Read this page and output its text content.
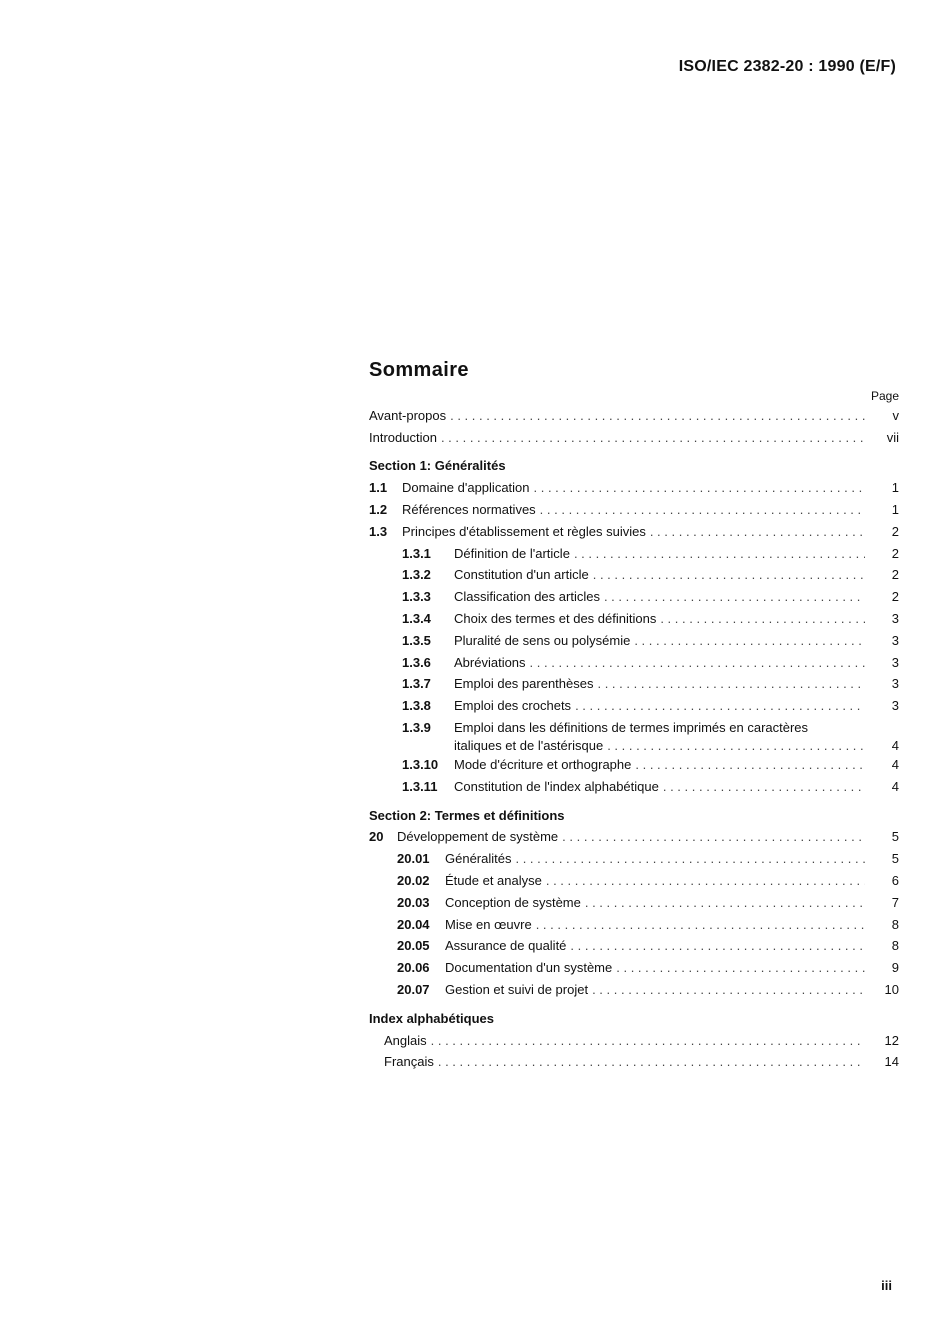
ISO/IEC 2382-20 : 1990 (E/F)
Sommaire
Page
Avant-propos . . .	v
Introduction . . .	vii
Section 1: Généralités
1.1	Domaine d'application . . .	1
1.2	Références normatives . . .	1
1.3	Principes d'établissement et règles suivies . . .	2
1.3.1	Définition de l'article . . .	2
1.3.2	Constitution d'un article . . .	2
1.3.3	Classification des articles . . .	2
1.3.4	Choix des termes et des définitions . . .	3
1.3.5	Pluralité de sens ou polysémie . . .	3
1.3.6	Abréviations . . .	3
1.3.7	Emploi des parenthèses . . .	3
1.3.8	Emploi des crochets . . .	3
1.3.9	Emploi dans les définitions de termes imprimés en caractères
italiques et de l'astérisque . . .	4
1.3.10	Mode d'écriture et orthographe . . .	4
1.3.11	Constitution de l'index alphabétique . . .	4
Section 2: Termes et définitions
20	Développement de système . . .	5
20.01	Généralités . . .	5
20.02	Étude et analyse . . .	6
20.03	Conception de système . . .	7
20.04	Mise en œuvre . . .	8
20.05	Assurance de qualité . . .	8
20.06	Documentation d'un système . . .	9
20.07	Gestion et suivi de projet . . .	10
Index alphabétiques
Anglais . . .	12
Français . . .	14
iii
